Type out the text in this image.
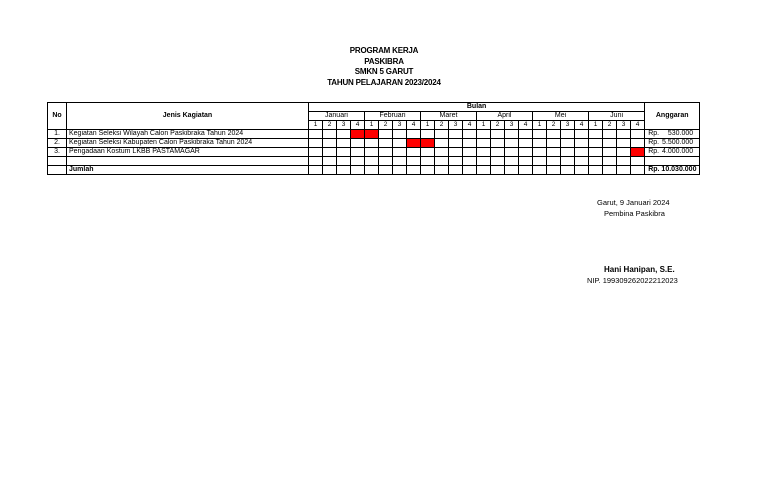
PROGRAM KERJA
PASKIBRA
SMKN 5 GARUT
TAHUN PELAJARAN 2023/2024
No	Jenis Kagiatan	Bulan																								Anggaran
		Januari				Februari				Maret				April				Mei				Juni				
		1	2	3	4	1	2	3	4	1	2	3	4	1	2	3	4	1	2	3	4	1	2	3	4	
1.	Kegiatan Seleksi Wilayah Calon Paskibraka Tahun 2024																									Rp. 530.000

2.	Kegiatan Seleksi Kabupaten Calon Paskibraka Tahun 2024																									Rp. 5.500.000

3.	Pengadaan Kostum LKBB PASTAMAGAR																									Rp. 4.000.000

	Jumlah																									Rp. 10.030.000
Garut, 9 Januari 2024
Pembina Paskibra
Hani Hanipan, S.E.
NIP. 199309262022212023
